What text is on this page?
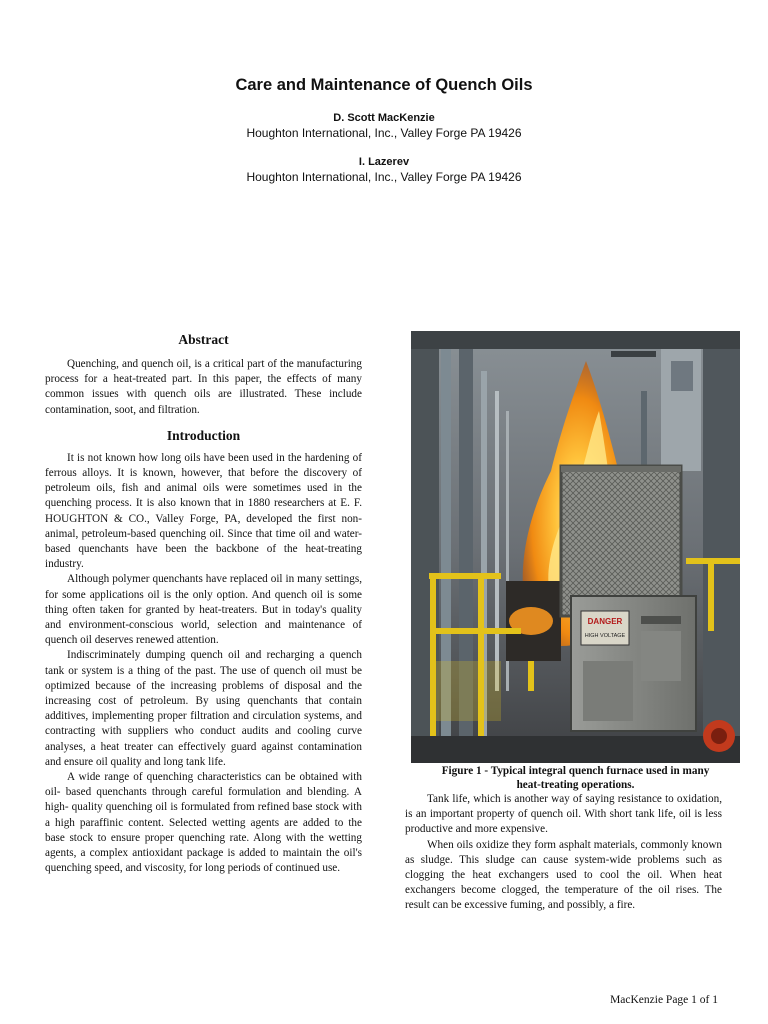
Care and Maintenance of Quench Oils
D. Scott MacKenzie
Houghton International, Inc., Valley Forge PA 19426
I. Lazerev
Houghton International, Inc., Valley Forge PA 19426
Abstract

Quenching, and quench oil, is a critical part of the manufacturing process for a heat-treated part. In this paper, the effects of many common issues with quench oils are illustrated. These include contamination, soot, and filtration.

Introduction

It is not known how long oils have been used in the hardening of ferrous alloys. It is known, however, that before the discovery of petroleum oils, fish and animal oils were sometimes used in the quenching process. It is also known that in 1880 researchers at E. F. HOUGHTON & CO., Valley Forge, PA, developed the first non-animal, petroleum-based quenching oil. Since that time oil and water-based quenchants have been the backbone of the heat-treating industry.

Although polymer quenchants have replaced oil in many settings, for some applications oil is the only option. And quench oil is some thing often taken for granted by heat-treaters. But in today's quality and environment-conscious world, selection and maintenance of quench oil deserves renewed attention.

Indiscriminately dumping quench oil and recharging a quench tank or system is a thing of the past. The use of quench oil must be optimized because of the increasing problems of disposal and the increasing cost of petroleum. By using quenchants that contain additives, implementing proper filtration and circulation systems, and contracting with suppliers who conduct audits and cooling curve analyses, a heat treater can effectively guard against contamination and ensure oil quality and long tank life.

A wide range of quenching characteristics can be obtained with oil- based quenchants through careful formulation and blending. A high- quality quenching oil is formulated from refined base stock with a high paraffinic content. Selected wetting agents are added to the base stock to ensure proper quenching rate. Along with the wetting agents, a complex antioxidant package is added to maintain the oil's quenching speed, and viscosity, for long periods of continued use.

DANGER
HIGH VOLTAGE
Figure 1 - Typical integral quench furnace used in many
heat-treating operations.

Tank life, which is another way of saying resistance to oxidation, is an important property of quench oil. With short tank life, oil is less productive and more expensive.

When oils oxidize they form asphalt materials, commonly known as sludge. This sludge can cause system-wide problems such as clogging the heat exchangers used to cool the oil. When heat exchangers become clogged, the temperature of the oil rises. The result can be excessive fuming, and possibly, a fire.

MacKenzie Page 1 of 1
